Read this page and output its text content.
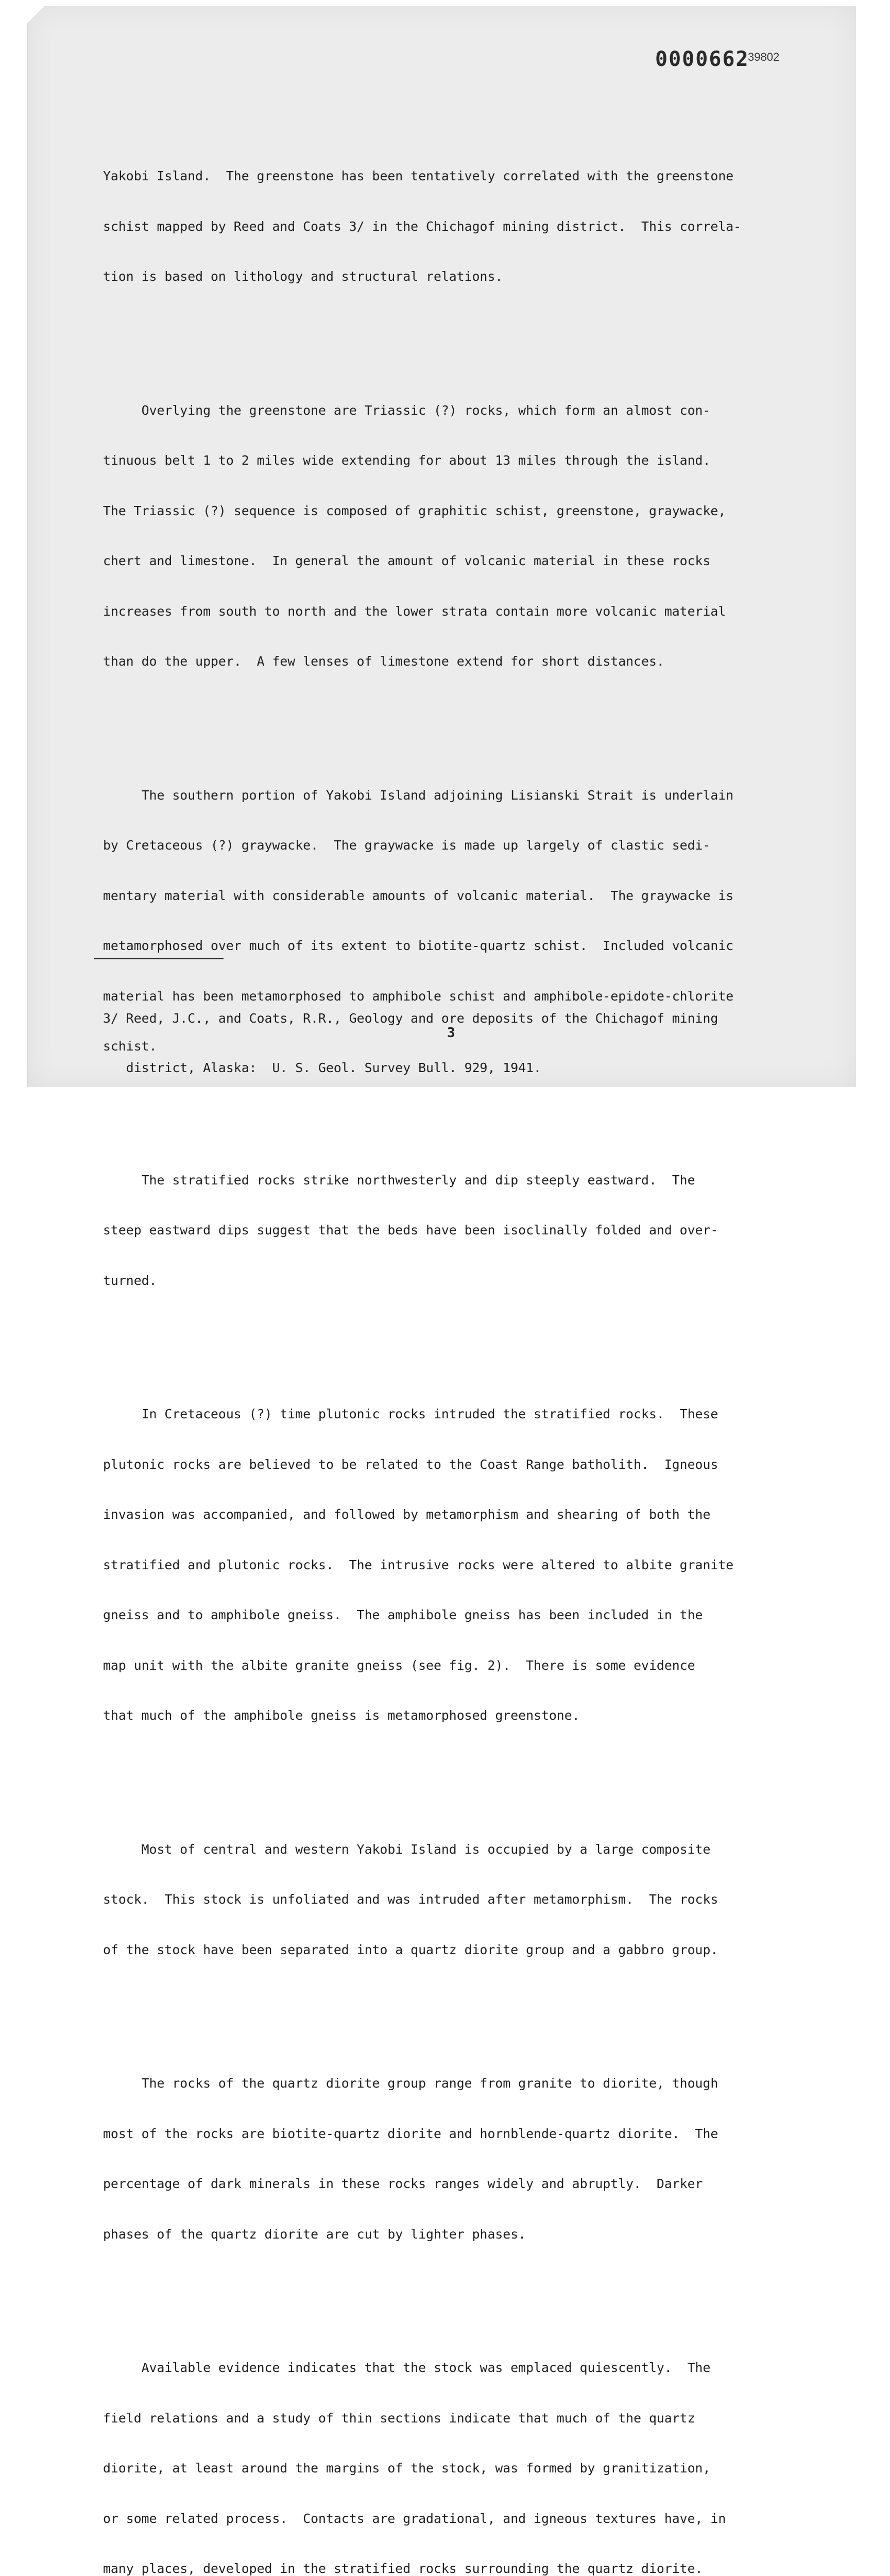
0000662
39802

Yakobi Island.  The greenstone has been tentatively correlated with the greenstone

schist mapped by Reed and Coats 3/ in the Chichagof mining district.  This correla-

tion is based on lithology and structural relations.

Overlying the greenstone are Triassic (?) rocks, which form an almost con-

tinuous belt 1 to 2 miles wide extending for about 13 miles through the island.

The Triassic (?) sequence is composed of graphitic schist, greenstone, graywacke,

chert and limestone.  In general the amount of volcanic material in these rocks

increases from south to north and the lower strata contain more volcanic material

than do the upper.  A few lenses of limestone extend for short distances.

The southern portion of Yakobi Island adjoining Lisianski Strait is underlain

by Cretaceous (?) graywacke.  The graywacke is made up largely of clastic sedi-

mentary material with considerable amounts of volcanic material.  The graywacke is

metamorphosed over much of its extent to biotite-quartz schist.  Included volcanic

material has been metamorphosed to amphibole schist and amphibole-epidote-chlorite

schist.

The stratified rocks strike northwesterly and dip steeply eastward.  The

steep eastward dips suggest that the beds have been isoclinally folded and over-

turned.

In Cretaceous (?) time plutonic rocks intruded the stratified rocks.  These

plutonic rocks are believed to be related to the Coast Range batholith.  Igneous

invasion was accompanied, and followed by metamorphism and shearing of both the

stratified and plutonic rocks.  The intrusive rocks were altered to albite granite

gneiss and to amphibole gneiss.  The amphibole gneiss has been included in the

map unit with the albite granite gneiss (see fig. 2).  There is some evidence

that much of the amphibole gneiss is metamorphosed greenstone.

Most of central and western Yakobi Island is occupied by a large composite

stock.  This stock is unfoliated and was intruded after metamorphism.  The rocks

of the stock have been separated into a quartz diorite group and a gabbro group.

The rocks of the quartz diorite group range from granite to diorite, though

most of the rocks are biotite-quartz diorite and hornblende-quartz diorite.  The

percentage of dark minerals in these rocks ranges widely and abruptly.  Darker

phases of the quartz diorite are cut by lighter phases.

Available evidence indicates that the stock was emplaced quiescently.  The

field relations and a study of thin sections indicate that much of the quartz

diorite, at least around the margins of the stock, was formed by granitization,

or some related process.  Contacts are gradational, and igneous textures have, in

many places, developed in the stratified rocks surrounding the quartz diorite.

3/ Reed, J.C., and Coats, R.R., Geology and ore deposits of the Chichagof mining

district, Alaska:  U. S. Geol. Survey Bull. 929, 1941.

3
